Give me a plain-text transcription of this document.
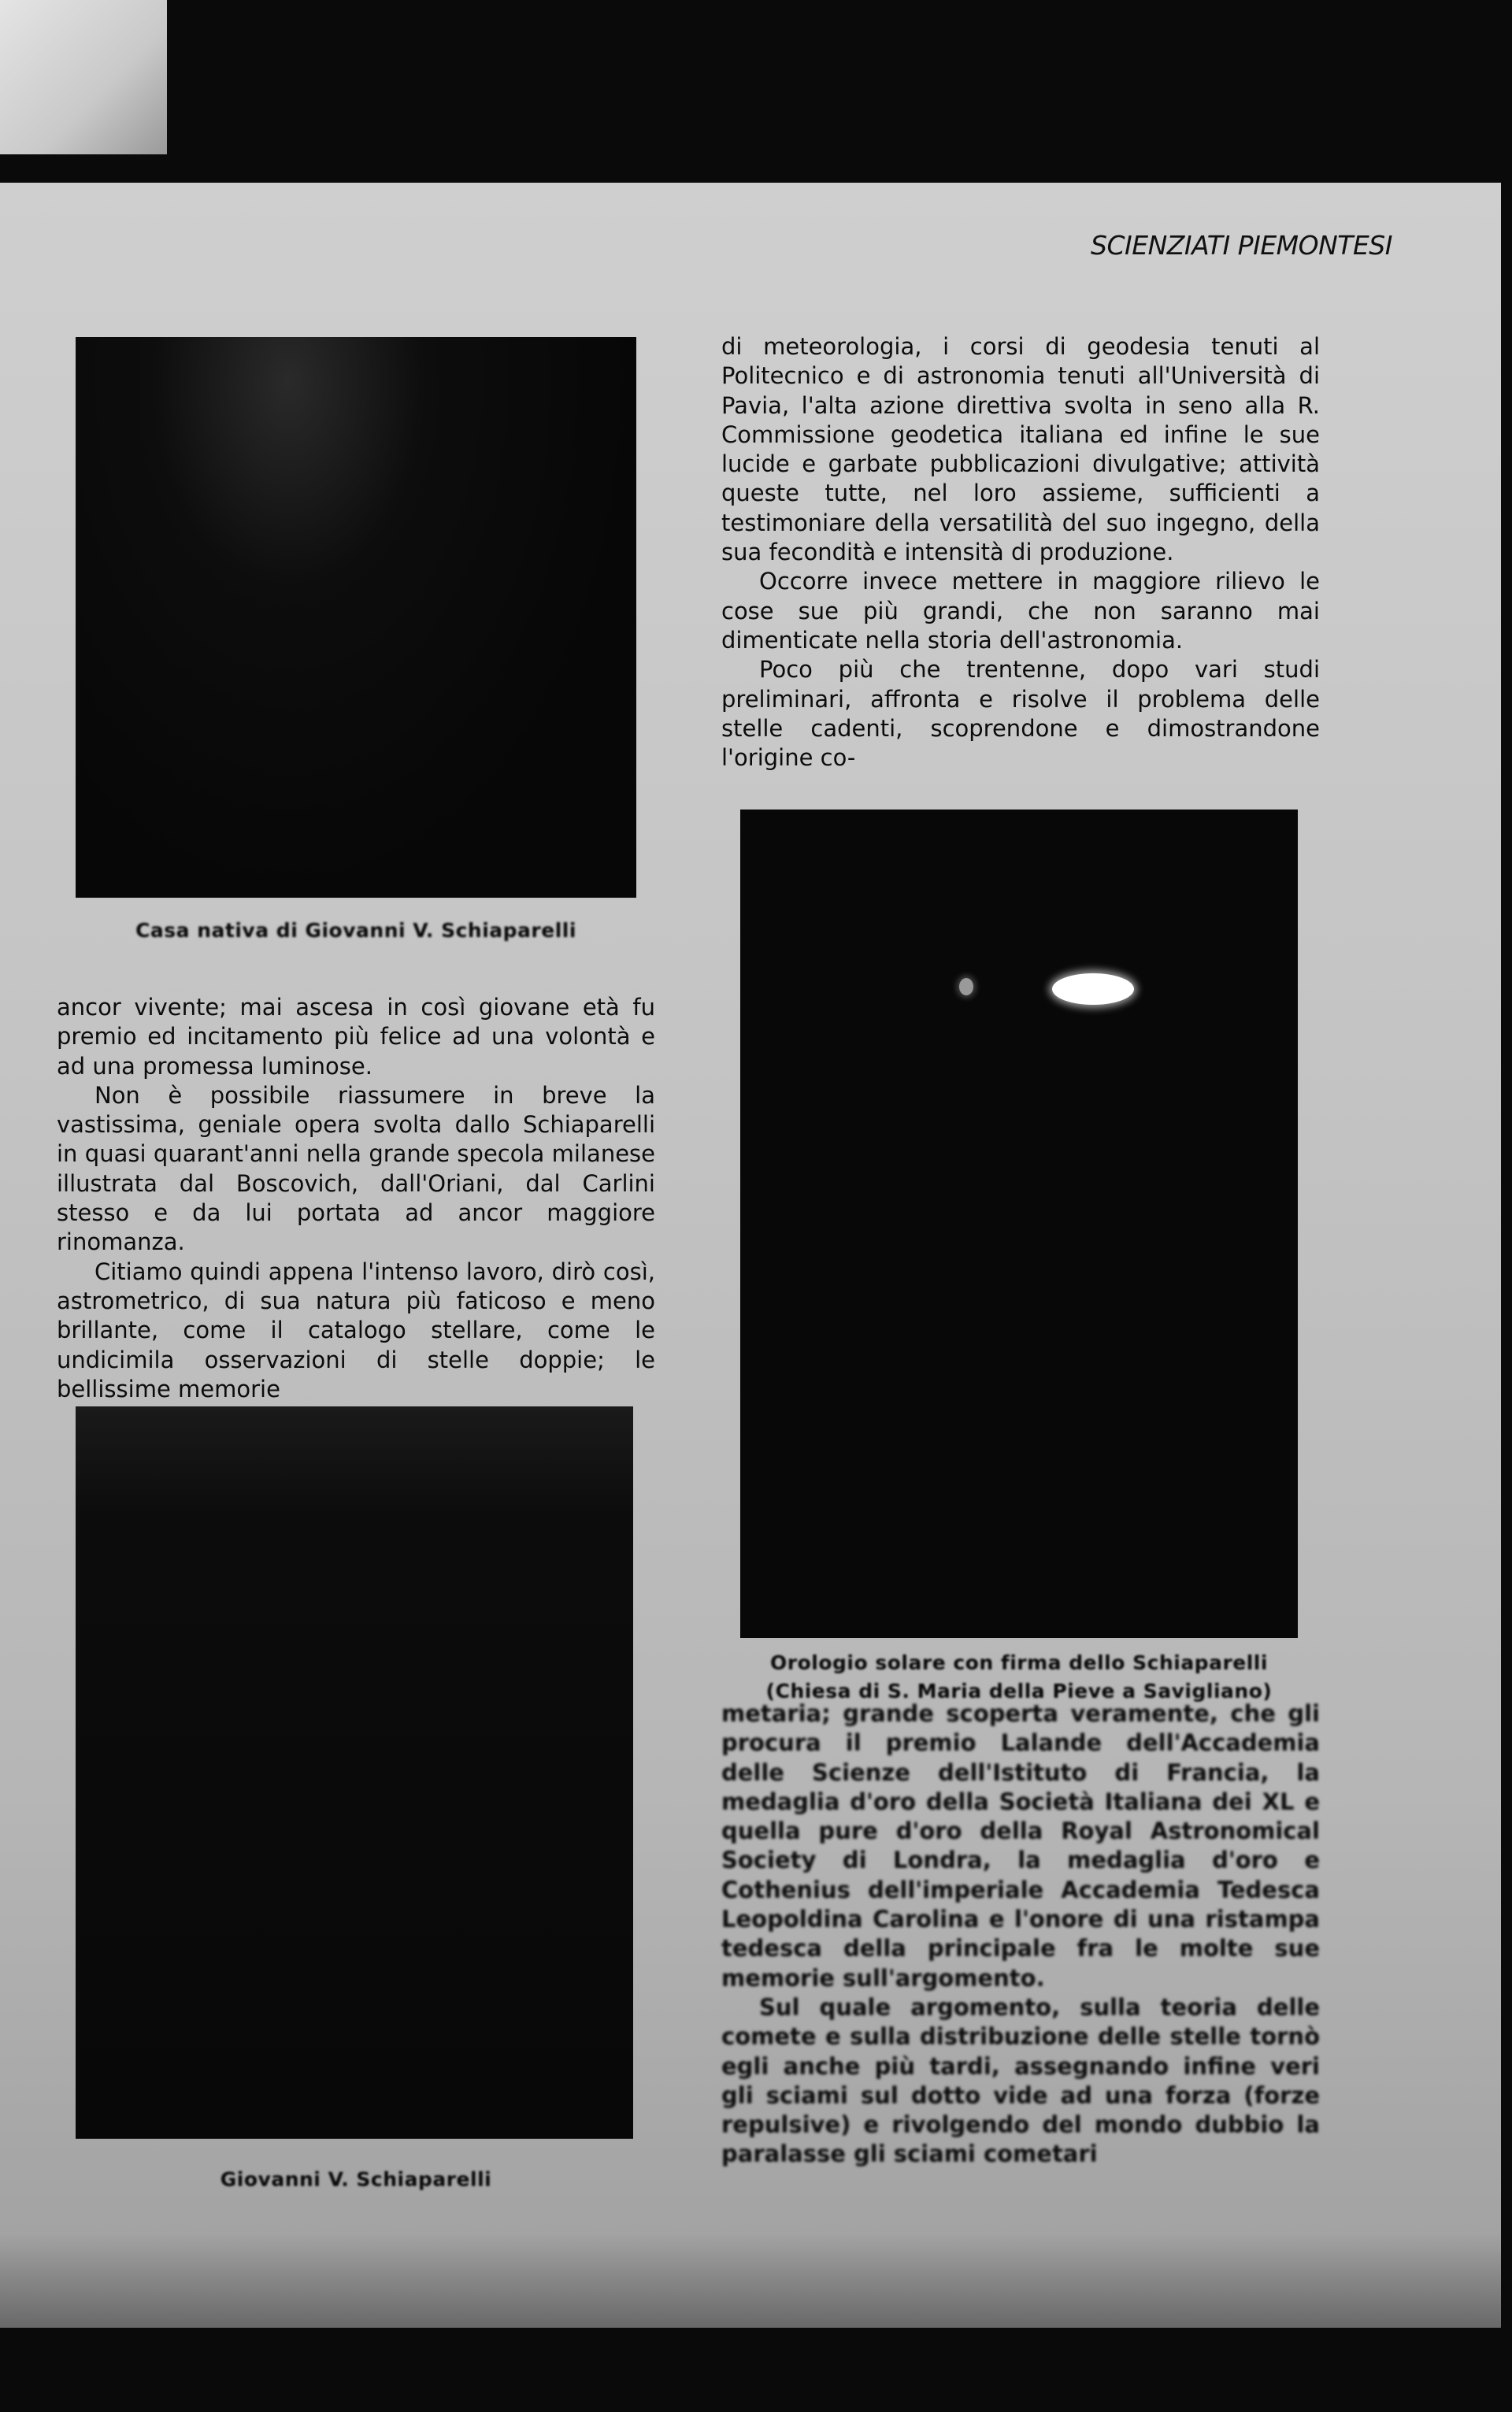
SCIENZIATI PIEMONTESI
Casa nativa di Giovanni V. Schiaparelli

di meteorologia, i corsi di geodesia tenuti al Politecnico e di astronomia tenuti all'Università di Pavia, l'alta azione direttiva svolta in seno alla R. Commissione geodetica italiana ed infine le sue lucide e garbate pubblicazioni divulgative; attività queste tutte, nel loro assieme, sufficienti a testimoniare della versatilità del suo ingegno, della sua fecondità e intensità di produzione.

Occorre invece mettere in maggiore rilievo le cose sue più grandi, che non saranno mai dimenticate nella storia dell'astronomia.

Poco più che trentenne, dopo vari studi preliminari, affronta e risolve il problema delle stelle cadenti, scoprendone e dimostrandone l'origine co-

Orologio solare con firma dello Schiaparelli
(Chiesa di S. Maria della Pieve a Savigliano)

ancor vivente; mai ascesa in così giovane età fu premio ed incitamento più felice ad una volontà e ad una promessa luminose.

Non è possibile riassumere in breve la vastissima, geniale opera svolta dallo Schiaparelli in quasi quarant'anni nella grande specola milanese illustrata dal Boscovich, dall'Oriani, dal Carlini stesso e da lui portata ad ancor maggiore rinomanza.

Citiamo quindi appena l'intenso lavoro, dirò così, astrometrico, di sua natura più faticoso e meno brillante, come il catalogo stellare, come le undicimila osservazioni di stelle doppie; le bellissime memorie

Giovanni V. Schiaparelli

metaria; grande scoperta veramente, che gli procura il premio Lalande dell'Accademia delle Scienze dell'Istituto di Francia, la medaglia d'oro della Società Italiana dei XL e quella pure d'oro della Royal Astronomical Society di Londra, la medaglia d'oro e Cothenius dell'imperiale Accademia Tedesca Leopoldina Carolina e l'onore di una ristampa tedesca della principale fra le molte sue memorie sull'argomento.

Sul quale argomento, sulla teoria delle comete e sulla distribuzione delle stelle tornò egli anche più tardi, assegnando infine veri gli sciami sul dotto vide ad una forza (forze repulsive) e rivolgendo del mondo dubbio la paralasse gli sciami cometari
